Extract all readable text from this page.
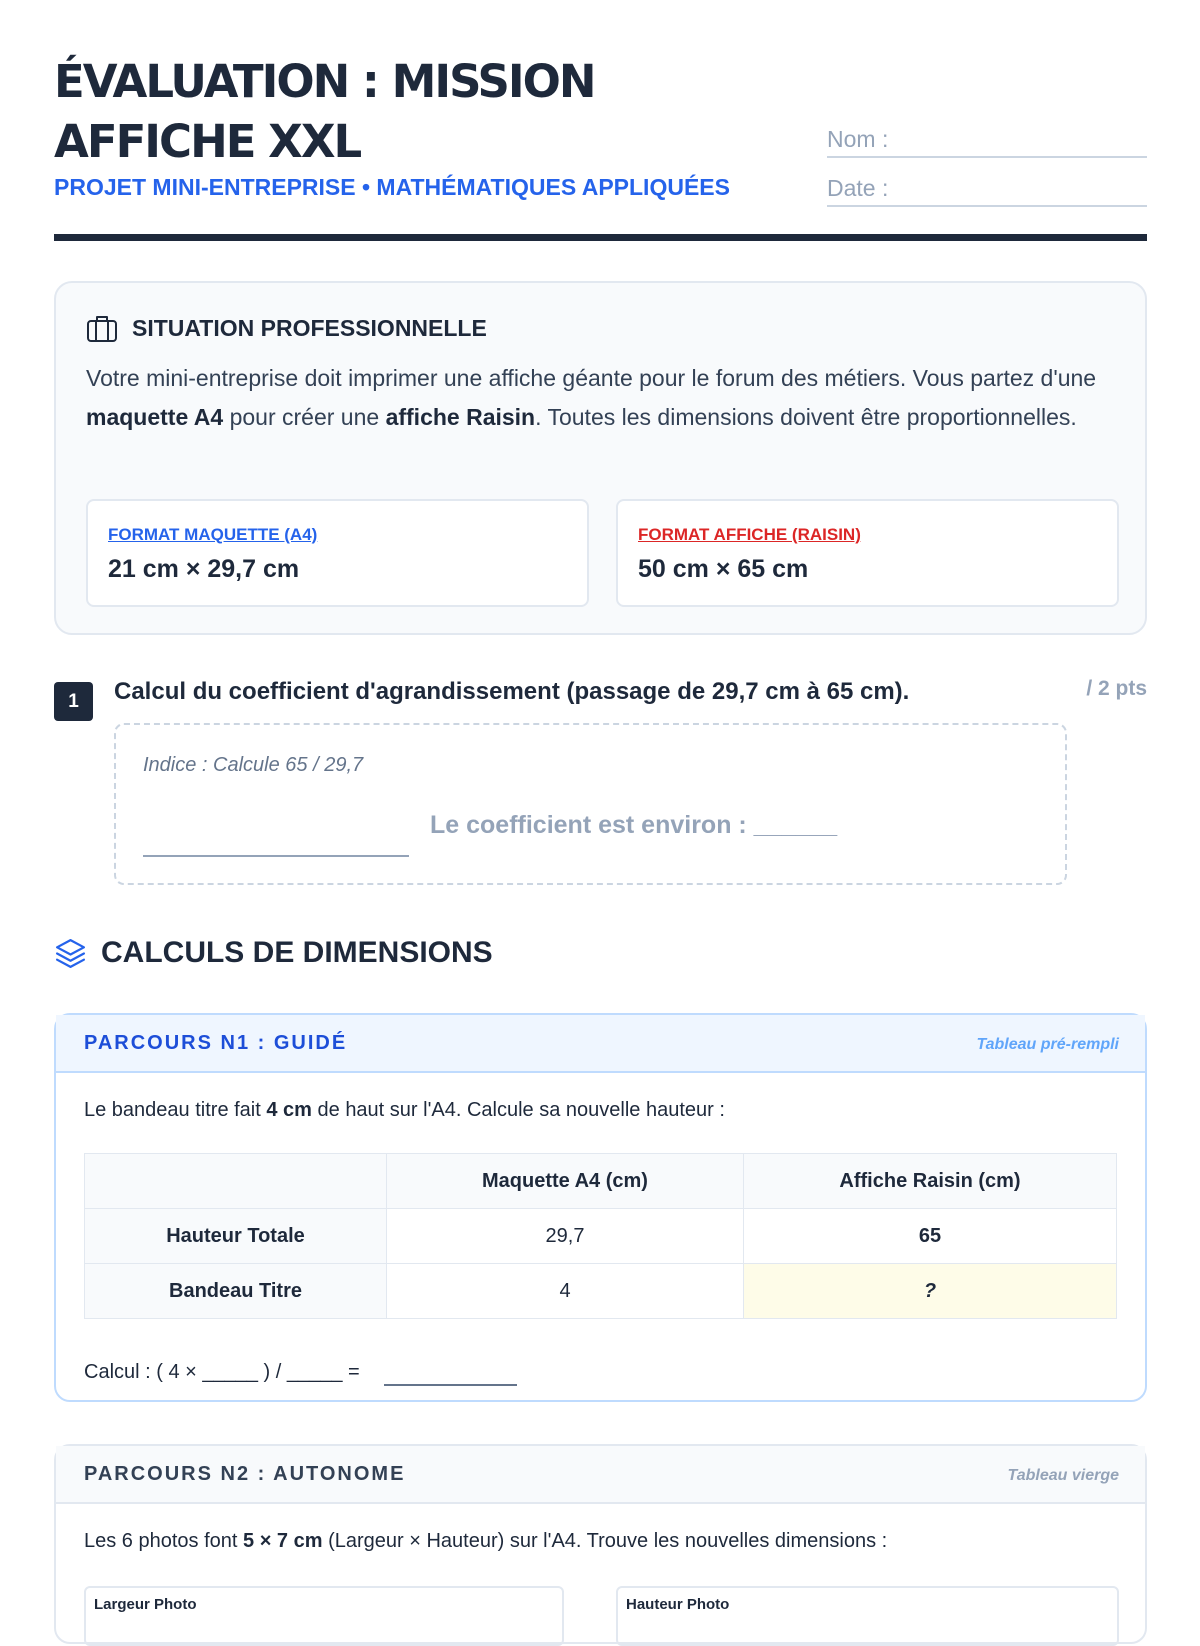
ÉVALUATION : MISSION
AFFICHE XXL
PROJET MINI-ENTREPRISE • MATHÉMATIQUES APPLIQUÉES
Nom :
Date :
SITUATION PROFESSIONNELLE

Votre mini-entreprise doit imprimer une affiche géante pour le forum des métiers. Vous partez d'une maquette A4 pour créer une affiche Raisin. Toutes les dimensions doivent être proportionnelles.

FORMAT MAQUETTE (A4)
21 cm × 29,7 cm
FORMAT AFFICHE (RAISIN)
50 cm × 65 cm
1	Calcul du coefficient d'agrandissement (passage de 29,7 cm à 65 cm).	/ 2 pts
Indice : Calcule 65 / 29,7
Le coefficient est environ : ______
CALCULS DE DIMENSIONS
PARCOURS N1 : GUIDÉ	Tableau pré-rempli
Le bandeau titre fait 4 cm de haut sur l'A4. Calcule sa nouvelle hauteur :
	Maquette A4 (cm)	Affiche Raisin (cm)
Hauteur Totale	29,7	65
Bandeau Titre	4	?
Calcul : ( 4 × _____ ) / _____ =
PARCOURS N2 : AUTONOME	Tableau vierge
Les 6 photos font 5 × 7 cm (Largeur × Hauteur) sur l'A4. Trouve les nouvelles dimensions :
Largeur Photo	Hauteur Photo
